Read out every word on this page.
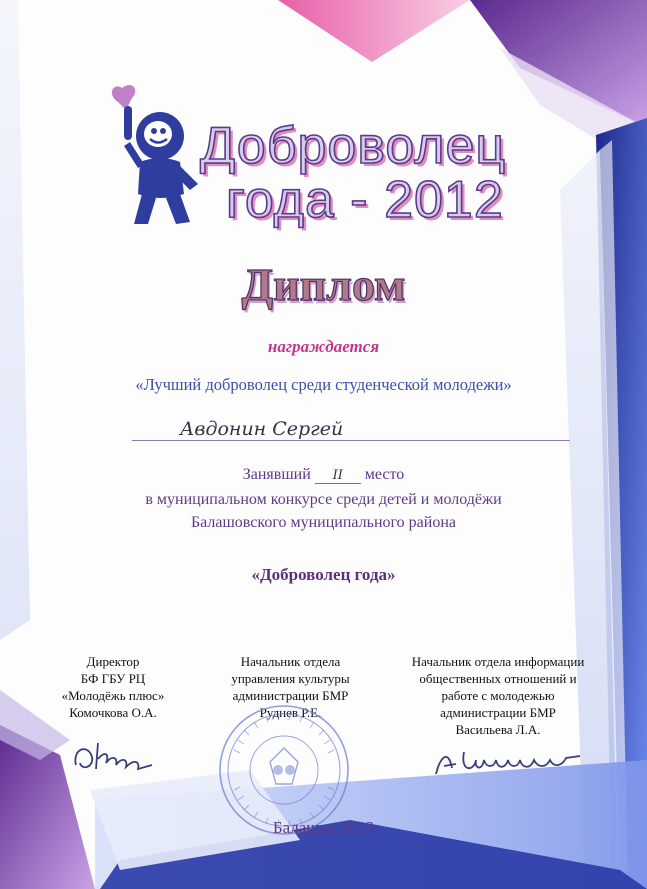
Доброволец
года - 2012
Диплом
награждается
«Лучший доброволец среди студенческой молодежи»
Авдонин Сергей
Занявший II место
в муниципальном конкурсе среди детей и молодёжи
Балашовского муниципального района
«Доброволец года»
Директор
БФ ГБУ РЦ
«Молодёжь плюс»
Комочкова О.А.
Начальник отдела
управления культуры
администрации БМР
Руднев Р.Е.
Начальник отдела информации
общественных отношений и
работе с молодежью
администрации БМР
Васильева Л.А.
Балашов 2013
